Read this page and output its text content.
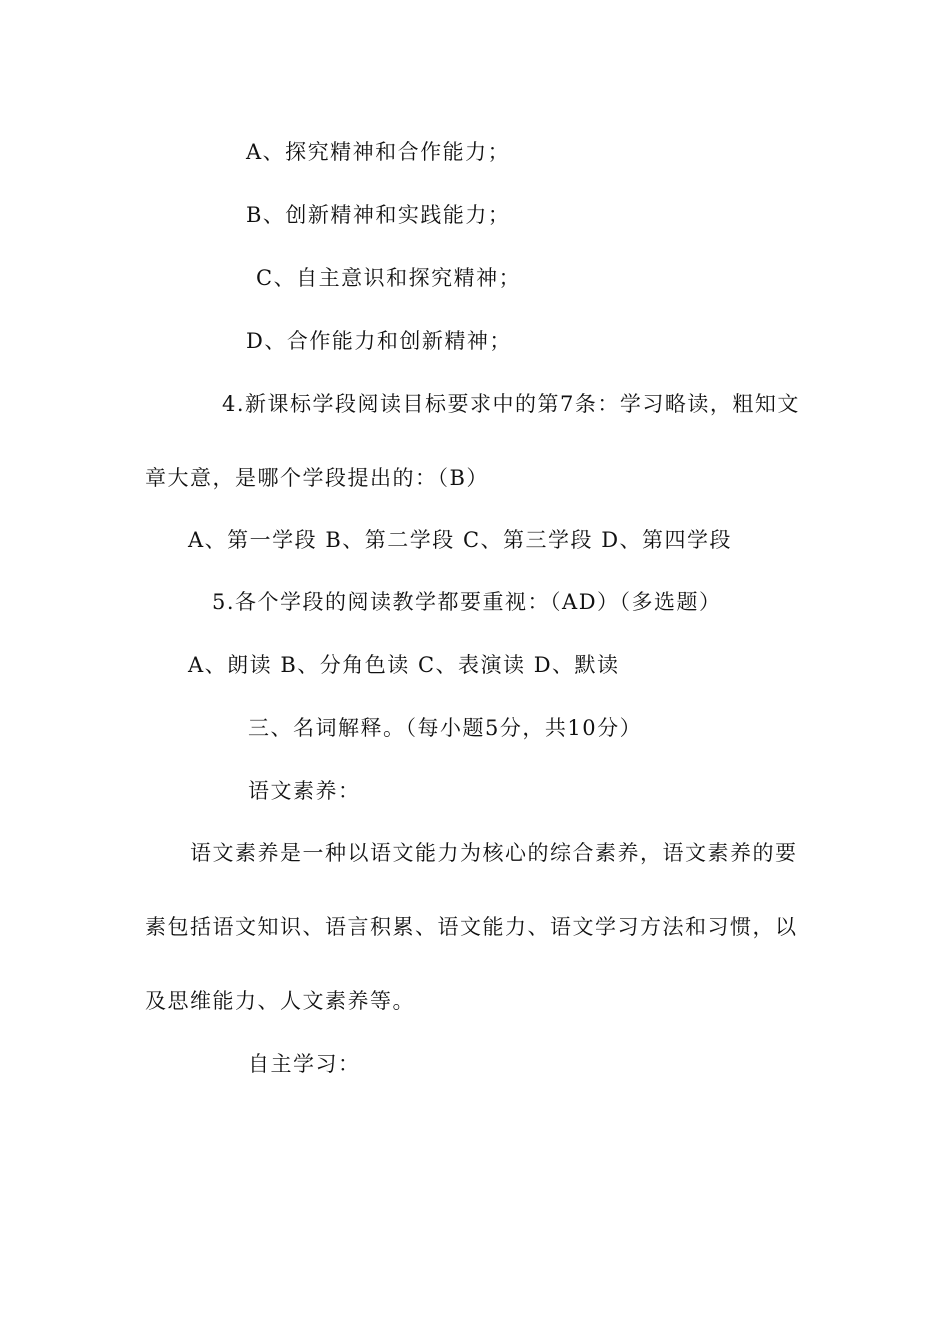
A、探究精神和合作能力；
B、创新精神和实践能力；
C、自主意识和探究精神；
D、合作能力和创新精神；
4.新课标学段阅读目标要求中的第7条：学习略读，粗知文
章大意，是哪个学段提出的：（B）
A、第一学段 B、第二学段 C、第三学段 D、第四学段
5.各个学段的阅读教学都要重视：（AD）（多选题）
A、朗读 B、分角色读 C、表演读 D、默读
三、名词解释。（每小题5分，共10分）
语文素养：
语文素养是一种以语文能力为核心的综合素养，语文素养的要
素包括语文知识、语言积累、语文能力、语文学习方法和习惯，以
及思维能力、人文素养等。
自主学习：
